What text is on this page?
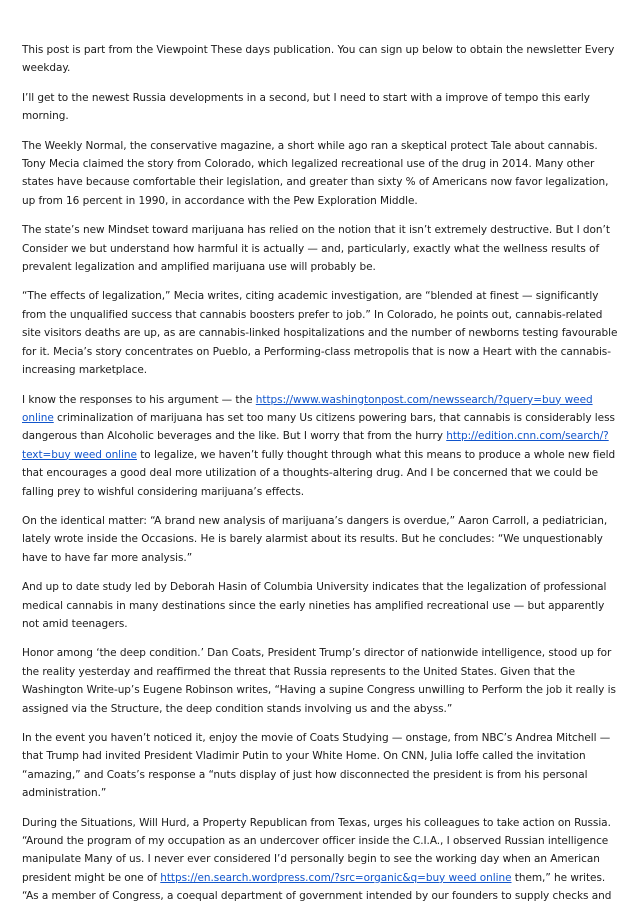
This post is part from the Viewpoint These days publication. You can sign up below to obtain the newsletter Every weekday.

I’ll get to the newest Russia developments in a second, but I need to start with a improve of tempo this early morning.

The Weekly Normal, the conservative magazine, a short while ago ran a skeptical protect Tale about cannabis. Tony Mecia claimed the story from Colorado, which legalized recreational use of the drug in 2014. Many other states have because comfortable their legislation, and greater than sixty % of Americans now favor legalization, up from 16 percent in 1990, in accordance with the Pew Exploration Middle.

The state’s new Mindset toward marijuana has relied on the notion that it isn’t extremely destructive. But I don’t Consider we but understand how harmful it is actually — and, particularly, exactly what the wellness results of prevalent legalization and amplified marijuana use will probably be.

“The effects of legalization,” Mecia writes, citing academic investigation, are “blended at finest — significantly from the unqualified success that cannabis boosters prefer to job.” In Colorado, he points out, cannabis-related site visitors deaths are up, as are cannabis-linked hospitalizations and the number of newborns testing favourable for it. Mecia’s story concentrates on Pueblo, a Performing-class metropolis that is now a Heart with the cannabis-increasing marketplace.

I know the responses to his argument — the https://www.washingtonpost.com/newssearch/?query=buy weed online criminalization of marijuana has set too many Us citizens powering bars, that cannabis is considerably less dangerous than Alcoholic beverages and the like. But I worry that from the hurry http://edition.cnn.com/search/?text=buy weed online to legalize, we haven’t fully thought through what this means to produce a whole new field that encourages a good deal more utilization of a thoughts-altering drug. And I be concerned that we could be falling prey to wishful considering marijuana’s effects.

On the identical matter: “A brand new analysis of marijuana’s dangers is overdue,” Aaron Carroll, a pediatrician, lately wrote inside the Occasions. He is barely alarmist about its results. But he concludes: “We unquestionably have to have far more analysis.”

And up to date study led by Deborah Hasin of Columbia University indicates that the legalization of professional medical cannabis in many destinations since the early nineties has amplified recreational use — but apparently not amid teenagers.

Honor among ‘the deep condition.’ Dan Coats, President Trump’s director of nationwide intelligence, stood up for the reality yesterday and reaffirmed the threat that Russia represents to the United States. Given that the Washington Write-up’s Eugene Robinson writes, “Having a supine Congress unwilling to Perform the job it really is assigned via the Structure, the deep condition stands involving us and the abyss.”

In the event you haven’t noticed it, enjoy the movie of Coats Studying — onstage, from NBC’s Andrea Mitchell — that Trump had invited President Vladimir Putin to your White Home. On CNN, Julia Ioffe called the invitation “amazing,” and Coats’s response a “nuts display of just how disconnected the president is from his personal administration.”

During the Situations, Will Hurd, a Property Republican from Texas, urges his colleagues to take action on Russia. “Around the program of my occupation as an undercover officer inside the C.I.A., I observed Russian intelligence manipulate Many of us. I never ever considered I’d personally begin to see the working day when an American president might be one of https://en.search.wordpress.com/?src=organic&q=buy weed online them,” he writes. “As a member of Congress, a coequal department of government intended by our founders to supply checks and
